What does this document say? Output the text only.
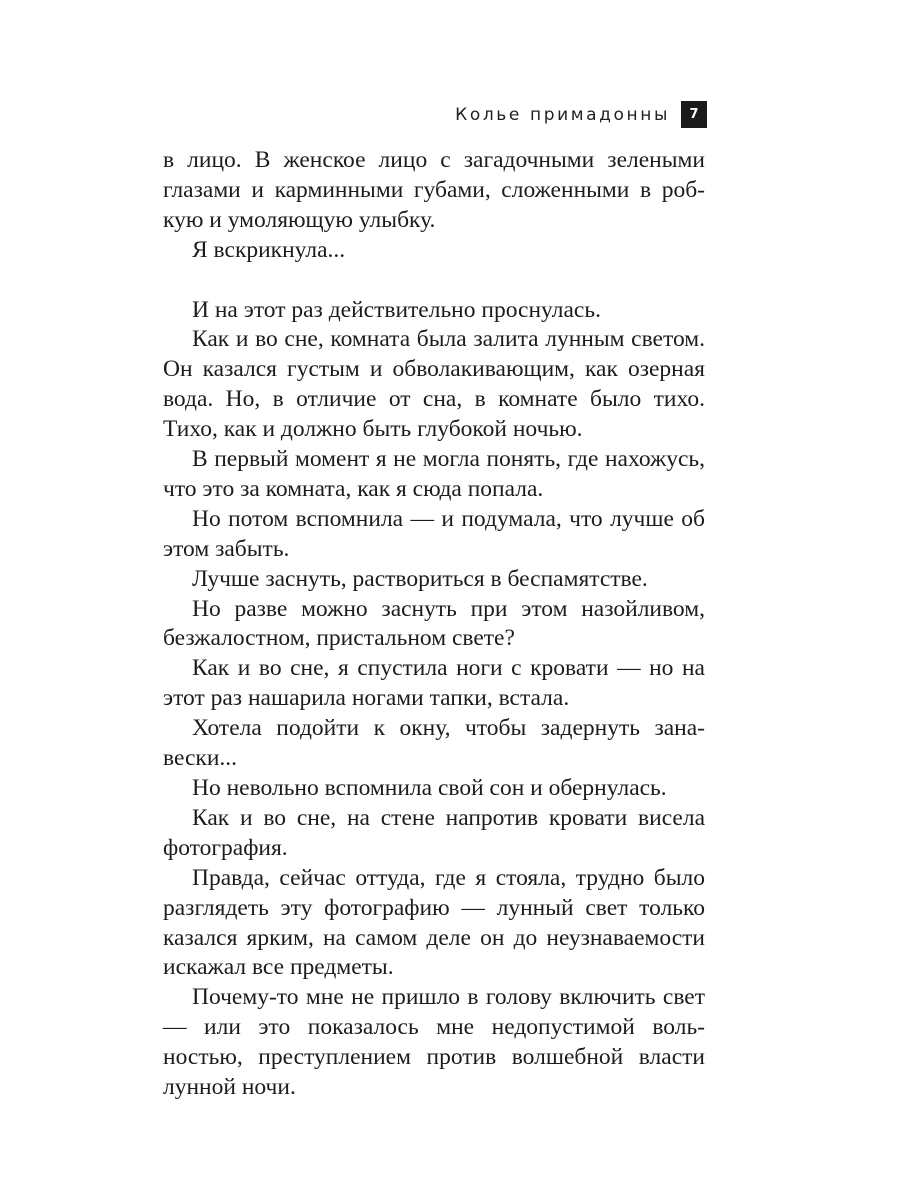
Колье примадонны	7

в лицо. В женское лицо с загадочными зелеными глазами и карминными губами, сложенными в робкую и умоляющую улыбку.

Я вскрикнула...

И на этот раз действительно проснулась.

Как и во сне, комната была залита лунным светом. Он казался густым и обволакивающим, как озерная вода. Но, в отличие от сна, в комнате было тихо. Тихо, как и должно быть глубокой ночью.

В первый момент я не могла понять, где нахожусь, что это за комната, как я сюда попала.

Но потом вспомнила — и подумала, что лучше об этом забыть.

Лучше заснуть, раствориться в беспамятстве.

Но разве можно заснуть при этом назойливом, безжалостном, пристальном свете?

Как и во сне, я спустила ноги с кровати — но на этот раз нашарила ногами тапки, встала.

Хотела подойти к окну, чтобы задернуть занавески...

Но невольно вспомнила свой сон и обернулась.

Как и во сне, на стене напротив кровати висела фотография.

Правда, сейчас оттуда, где я стояла, трудно было разглядеть эту фотографию — лунный свет только казался ярким, на самом деле он до неузнаваемости искажал все предметы.

Почему-то мне не пришло в голову включить свет — или это показалось мне недопустимой вольностью, преступлением против волшебной власти лунной ночи.
